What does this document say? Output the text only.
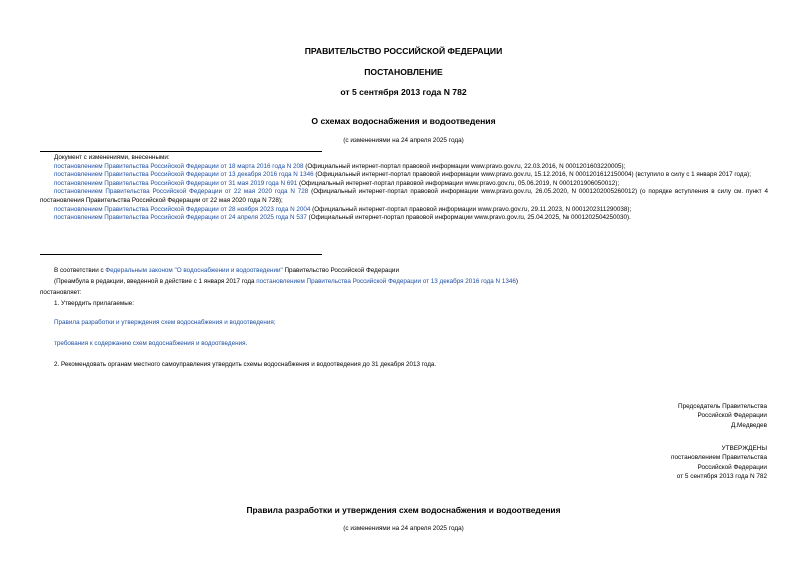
ПРАВИТЕЛЬСТВО РОССИЙСКОЙ ФЕДЕРАЦИИ
ПОСТАНОВЛЕНИЕ
от 5 сентября 2013 года N 782
О схемах водоснабжения и водоотведения
(с изменениями на 24 апреля 2025 года)
Документ с изменениями, внесенными:
постановлением Правительства Российской Федерации от 18 марта 2016 года N 208 (Официальный интернет-портал правовой информации www.pravo.gov.ru, 22.03.2016, N 0001201603220005);
постановлением Правительства Российской Федерации от 13 декабря 2016 года N 1346 (Официальный интернет-портал правовой информации www.pravo.gov.ru, 15.12.2016, N 0001201612150004) (вступило в силу с 1 января 2017 года);
постановлением Правительства Российской Федерации от 31 мая 2019 года N 691 (Официальный интернет-портал правовой информации www.pravo.gov.ru, 05.06.2019, N 0001201906050012);
постановлением Правительства Российской Федерации от 22 мая 2020 года N 728 (Официальный интернет-портал правовой информации www.pravo.gov.ru, 26.05.2020, N 0001202005260012) (о порядке вступления в силу см. пункт 4 постановления Правительства Российской Федерации от 22 мая 2020 года N 728);
постановлением Правительства Российской Федерации от 28 ноября 2023 года N 2004 (Официальный интернет-портал правовой информации www.pravo.gov.ru, 29.11.2023, N 0001202311290038);
постановлением Правительства Российской Федерации от 24 апреля 2025 года N 537 (Официальный интернет-портал правовой информации www.pravo.gov.ru, 25.04.2025, № 0001202504250030).
В соответствии с Федеральным законом "О водоснабжении и водоотведении" Правительство Российской Федерации
(Преамбула в редакции, введенной в действие с 1 января 2017 года постановлением Правительства Российской Федерации от 13 декабря 2016 года N 1346)
постановляет:
1. Утвердить прилагаемые:
Правила разработки и утверждения схем водоснабжения и водоотведения;
требования к содержанию схем водоснабжения и водоотведения.
2. Рекомендовать органам местного самоуправления утвердить схемы водоснабжения и водоотведения до 31 декабря 2013 года.
Председатель Правительства
Российской Федерации
Д.Медведев
УТВЕРЖДЕНЫ
постановлением Правительства
Российской Федерации
от 5 сентября 2013 года N 782
Правила разработки и утверждения схем водоснабжения и водоотведения
(с изменениями на 24 апреля 2025 года)
